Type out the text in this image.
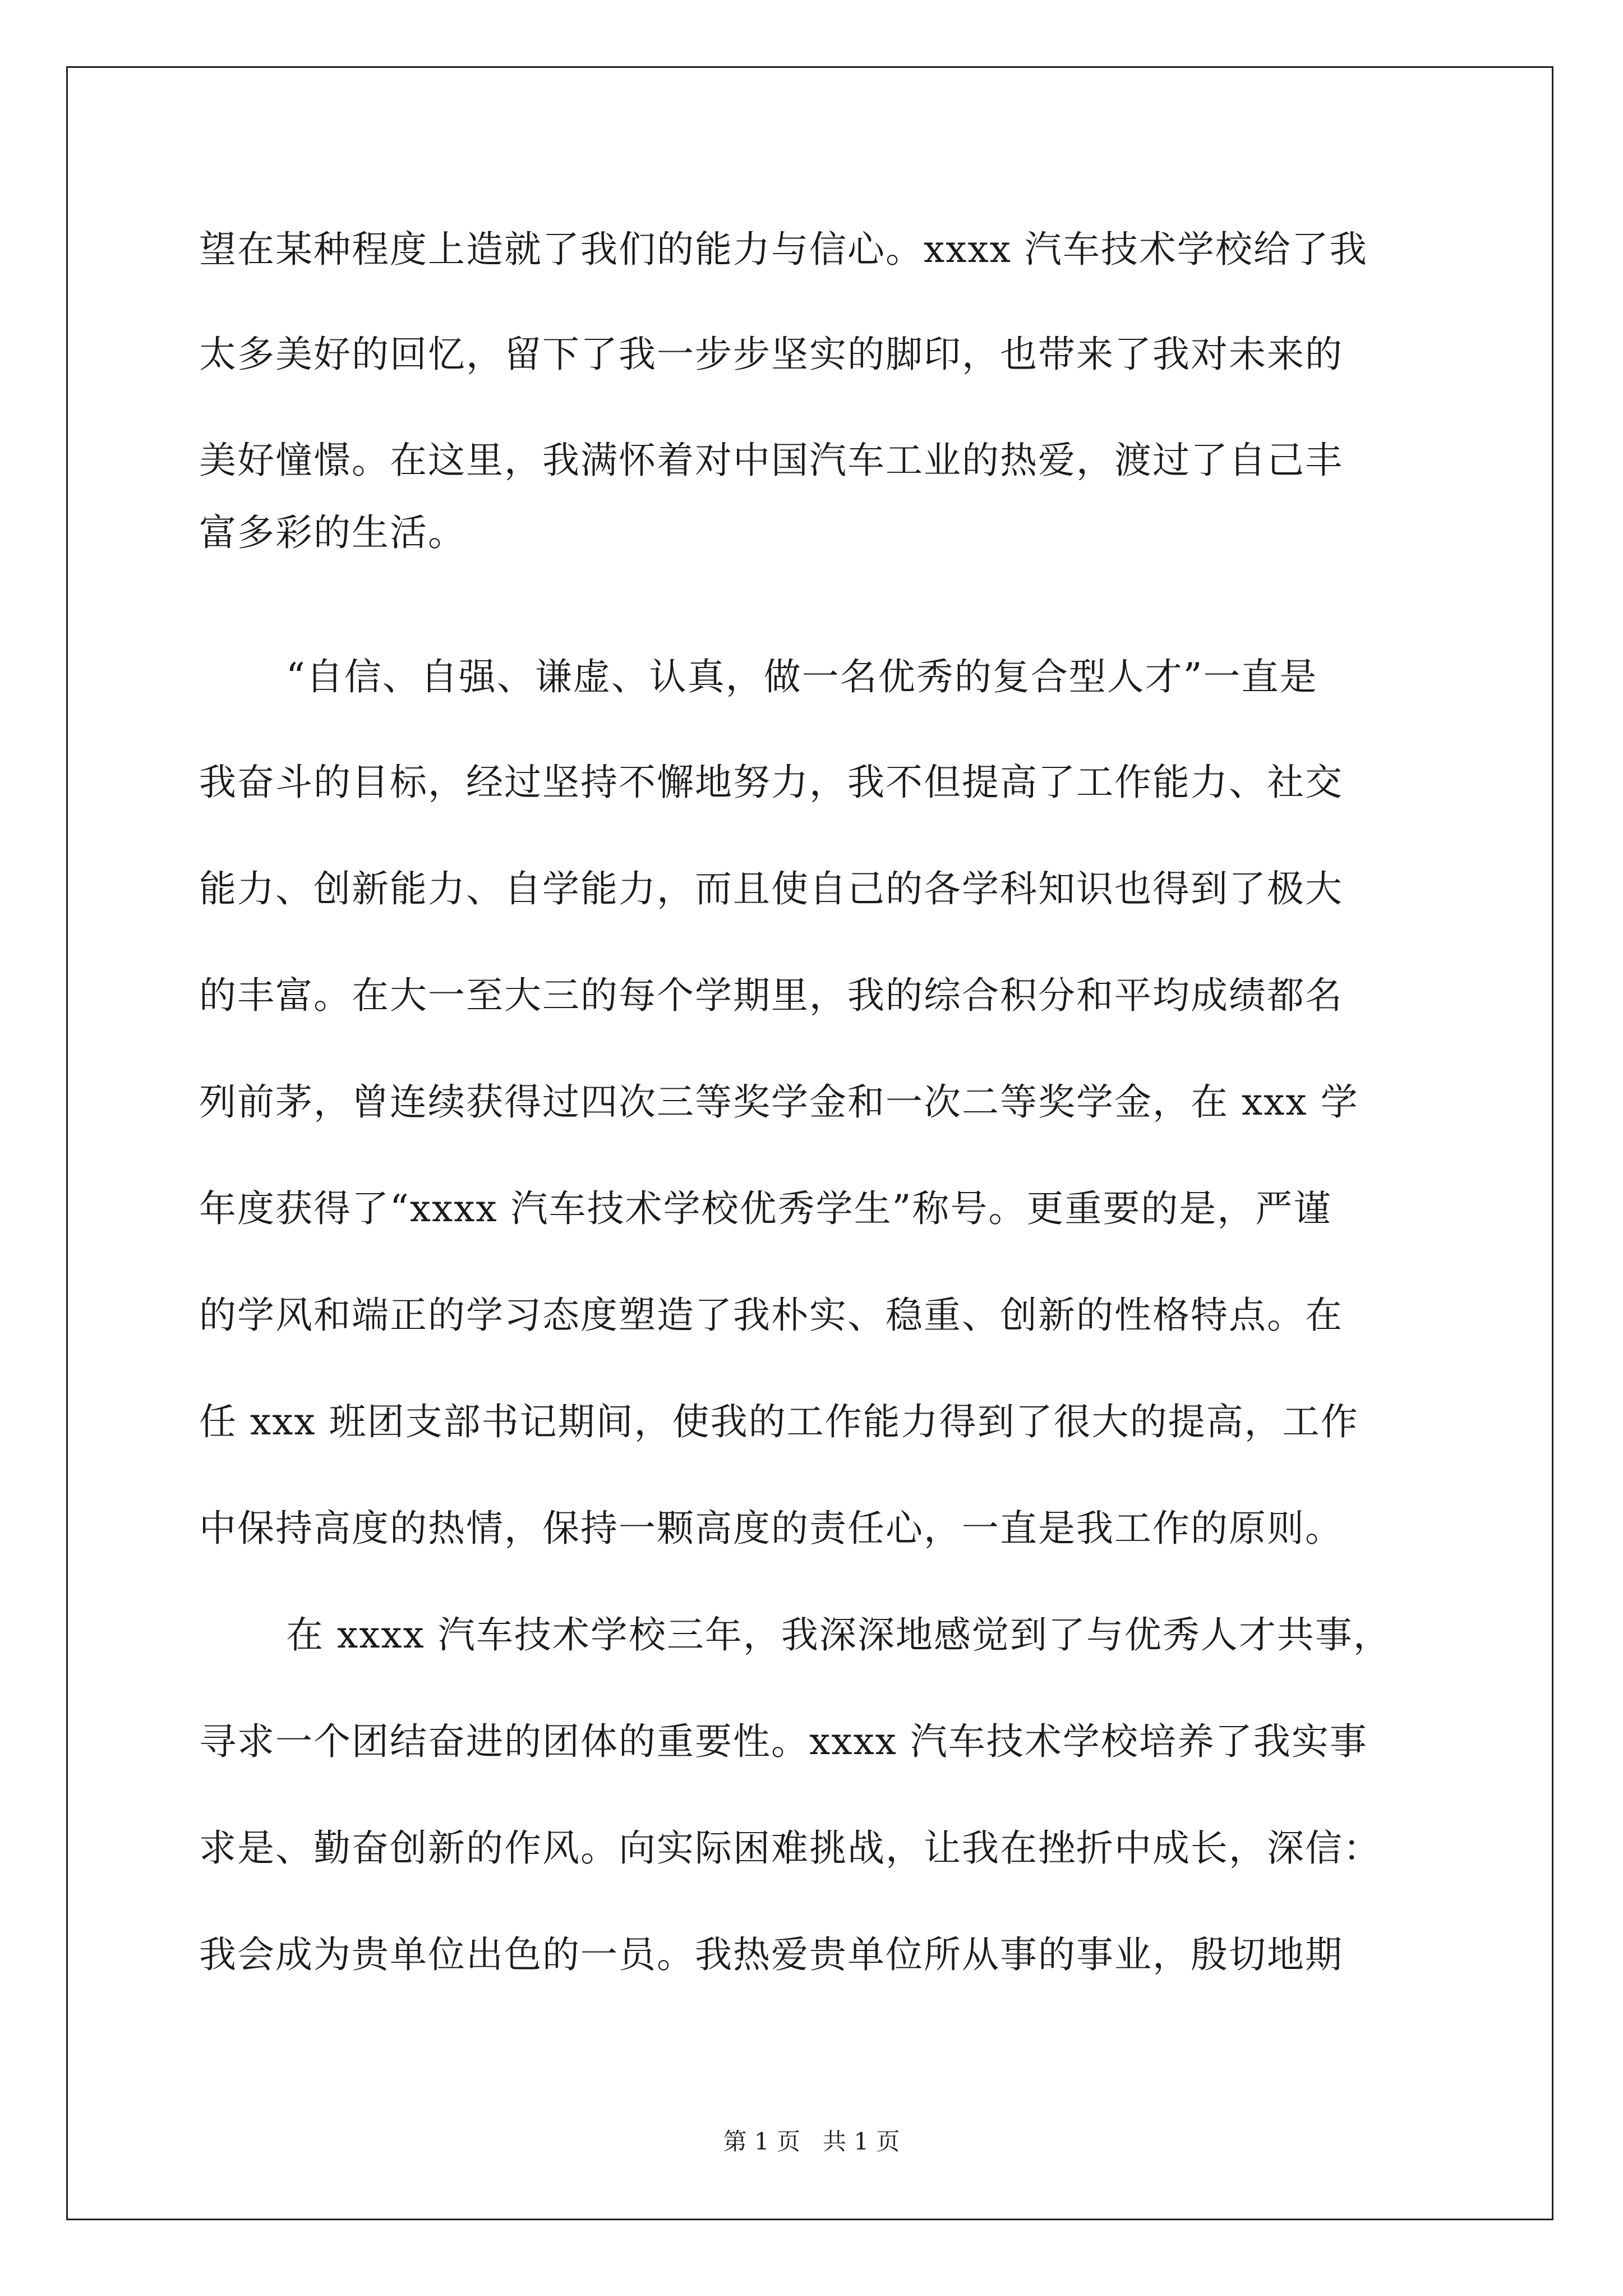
望在某种程度上造就了我们的能力与信心。xxxx 汽车技术学校给了我
太多美好的回忆，留下了我一步步坚实的脚印，也带来了我对未来的
美好憧憬。在这里，我满怀着对中国汽车工业的热爱，渡过了自己丰
富多彩的生活。
“自信、自强、谦虚、认真，做一名优秀的复合型人才”一直是
我奋斗的目标，经过坚持不懈地努力，我不但提高了工作能力、社交
能力、创新能力、自学能力，而且使自己的各学科知识也得到了极大
的丰富。在大一至大三的每个学期里，我的综合积分和平均成绩都名
列前茅，曾连续获得过四次三等奖学金和一次二等奖学金，在 xxx 学
年度获得了“xxxx 汽车技术学校优秀学生”称号。更重要的是，严谨
的学风和端正的学习态度塑造了我朴实、稳重、创新的性格特点。在
任 xxx 班团支部书记期间，使我的工作能力得到了很大的提高，工作
中保持高度的热情，保持一颗高度的责任心，一直是我工作的原则。
在 xxxx 汽车技术学校三年，我深深地感觉到了与优秀人才共事，
寻求一个团结奋进的团体的重要性。xxxx 汽车技术学校培养了我实事
求是、勤奋创新的作风。向实际困难挑战，让我在挫折中成长，深信：
我会成为贵单位出色的一员。我热爱贵单位所从事的事业，殷切地期
第 1 页 共 1 页
